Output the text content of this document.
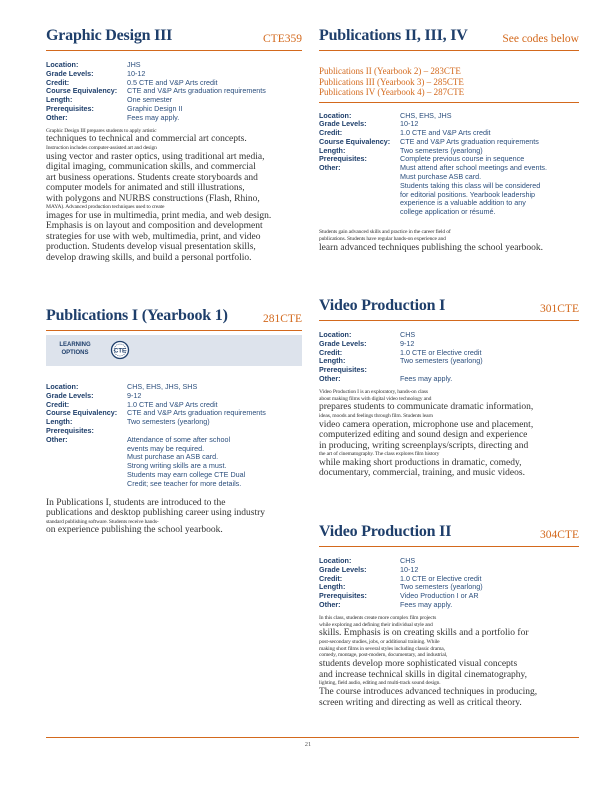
Graphic Design III	CTE359
Location:	JHS
Grade Levels:	10-12
Credit:	0.5 CTE and V&P Arts credit
Course Equivalency:	CTE and V&P Arts graduation requirements
Length:	One semester
Prerequisites:	Graphic Design II
Other:	Fees may apply.
Graphic Design III prepares students to apply artistic
techniques to technical and commercial art concepts.
Instruction includes computer-assisted art and design
using vector and raster optics, using traditional art media,
digital imaging, communication skills, and commercial
art business operations. Students create storyboards and
computer models for animated and still illustrations,
with polygons and NURBS constructions (Flash, Rhino,
MAYA). Advanced production techniques used to create
images for use in multimedia, print media, and web design.
Emphasis is on layout and composition and development
strategies for use with web, multimedia, print, and video
production. Students develop visual presentation skills,
develop drawing skills, and build a personal portfolio.
Publications I (Yearbook 1)	281CTE
LEARNING OPTIONS	CTE
Location:	CHS, EHS, JHS, SHS
Grade Levels:	9-12
Credit:	1.0 CTE and V&P Arts credit
Course Equivalency:	CTE and V&P Arts graduation requirements
Length:	Two semesters (yearlong)
Prerequisites:

Other:	Attendance of some after school
events may be required.
Must purchase an ASB card.
Strong writing skills are a must.
Students may earn college CTE Dual
Credit; see teacher for more details.
In Publications I, students are introduced to the
publications and desktop publishing career using industry
standard publishing software. Students receive hands-
on experience publishing the school yearbook.
Publications II, III, IV	See codes below
Publications II (Yearbook 2) – 283CTE
Publications III (Yearbook 3) – 285CTE
Publications IV (Yearbook 4) – 287CTE
Location:	CHS, EHS, JHS
Grade Levels:	10-12
Credit:	1.0 CTE and V&P Arts credit
Course Equivalency:	CTE and V&P Arts graduation requirements
Length:	Two semesters (yearlong)
Prerequisites:	Complete previous course in sequence
Other:	Must attend after school meetings and events.
Must purchase ASB card.
Students taking this class will be considered
for editorial positions. Yearbook leadership
experience is a valuable addition to any
college application or résumé.
Students gain advanced skills and practice in the career field of
publications. Students have regular hands-on experience and
learn advanced techniques publishing the school yearbook.
Video Production I	301CTE
Location:	CHS
Grade Levels:	9-12
Credit:	1.0 CTE or Elective credit
Length:	Two semesters (yearlong)
Prerequisites:

Other:	Fees may apply.
Video Production I is an exploratory, hands-on class
about making films with digital video technology and
prepares students to communicate dramatic information,
ideas, moods and feelings through film. Students learn
video camera operation, microphone use and placement,
computerized editing and sound design and experience
in producing, writing screenplays/scripts, directing and
the art of cinematography. The class explores film history
while making short productions in dramatic, comedy,
documentary, commercial, training, and music videos.
Video Production II	304CTE
Location:	CHS
Grade Levels:	10-12
Credit:	1.0 CTE or Elective credit
Length:	Two semesters (yearlong)
Prerequisites:	Video Production I or AR
Other:	Fees may apply.
In this class, students create more complex film projects
while exploring and defining their individual style and
skills. Emphasis is on creating skills and a portfolio for
post-secondary studies, jobs, or additional training. While
making short films in several styles including classic drama,
comedy, montage, post-modern, documentary, and industrial,
students develop more sophisticated visual concepts
and increase technical skills in digital cinematography,
lighting, field audio, editing and multi-track sound design.
The course introduces advanced techniques in producing,
screen writing and directing as well as critical theory.
21
